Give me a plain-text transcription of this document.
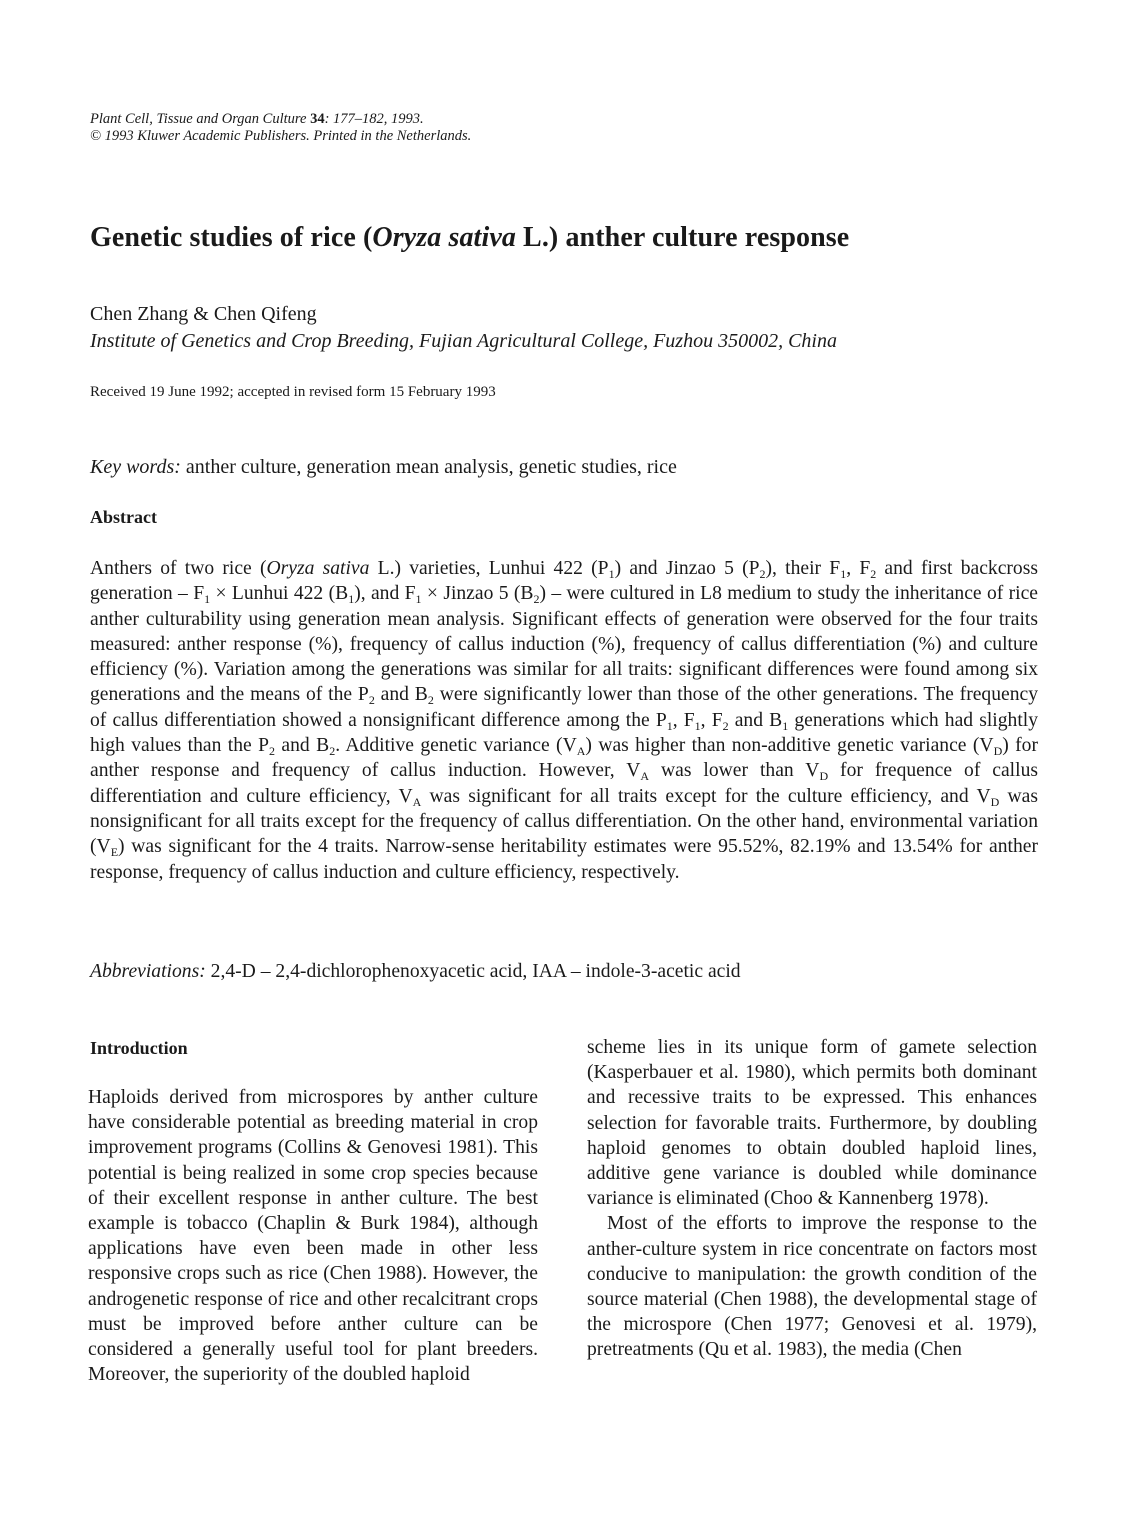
Plant Cell, Tissue and Organ Culture 34: 177–182, 1993.
© 1993 Kluwer Academic Publishers. Printed in the Netherlands.
Genetic studies of rice (Oryza sativa L.) anther culture response
Chen Zhang & Chen Qifeng
Institute of Genetics and Crop Breeding, Fujian Agricultural College, Fuzhou 350002, China
Received 19 June 1992; accepted in revised form 15 February 1993
Key words: anther culture, generation mean analysis, genetic studies, rice
Abstract

Anthers of two rice (Oryza sativa L.) varieties, Lunhui 422 $(P_1)$ and Jinzao 5 $(P_2)$, their $F_1$, $F_2$ and first backcross generation – $F_1$ × Lunhui 422 $(B_1)$, and $F_1$ × Jinzao 5 $(B_2)$ – were cultured in L8 medium to study the inheritance of rice anther culturability using generation mean analysis. Significant effects of generation were observed for the four traits measured: anther response (%), frequency of callus induction (%), frequency of callus differentiation (%) and culture efficiency (%). Variation among the generations was similar for all traits: significant differences were found among six generations and the means of the $P_2$ and $B_2$ were significantly lower than those of the other generations. The frequency of callus differentiation showed a nonsignificant difference among the $P_1$, $F_1$, $F_2$ and $B_1$ generations which had slightly high values than the $P_2$ and $B_2$. Additive genetic variance $(V_A)$ was higher than non-additive genetic variance $(V_D)$ for anther response and frequency of callus induction. However, $V_A$ was lower than $V_D$ for frequence of callus differentiation and culture efficiency, $V_A$ was significant for all traits except for the culture efficiency, and $V_D$ was nonsignificant for all traits except for the frequency of callus differentiation. On the other hand, environmental variation $(V_E)$ was significant for the 4 traits. Narrow-sense heritability estimates were 95.52%, 82.19% and 13.54% for anther response, frequency of callus induction and culture efficiency, respectively.

Abbreviations: 2,4-D – 2,4-dichlorophenoxyacetic acid, IAA – indole-3-acetic acid
Introduction

Haploids derived from microspores by anther culture have considerable potential as breeding material in crop improvement programs (Collins & Genovesi 1981). This potential is being realized in some crop species because of their excellent response in anther culture. The best example is tobacco (Chaplin & Burk 1984), although applications have even been made in other less responsive crops such as rice (Chen 1988). However, the androgenetic response of rice and other recalcitrant crops must be improved before anther culture can be considered a generally useful tool for plant breeders. Moreover, the superiority of the doubled haploid

scheme lies in its unique form of gamete selection (Kasperbauer et al. 1980), which permits both dominant and recessive traits to be expressed. This enhances selection for favorable traits. Furthermore, by doubling haploid genomes to obtain doubled haploid lines, additive gene variance is doubled while dominance variance is eliminated (Choo & Kannenberg 1978).

Most of the efforts to improve the response to the anther-culture system in rice concentrate on factors most conducive to manipulation: the growth condition of the source material (Chen 1988), the developmental stage of the microspore (Chen 1977; Genovesi et al. 1979), pretreatments (Qu et al. 1983), the media (Chen
